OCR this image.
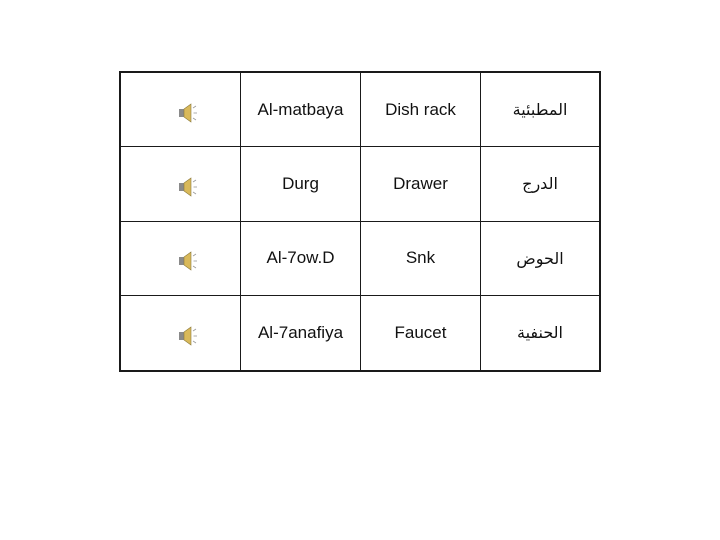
Al-matbaya	Dish rack	المطبئية
Durg	Drawer	الدرج
Al-7ow.D	Snk	الحوض
Al-7anafiya	Faucet	الحنفية
